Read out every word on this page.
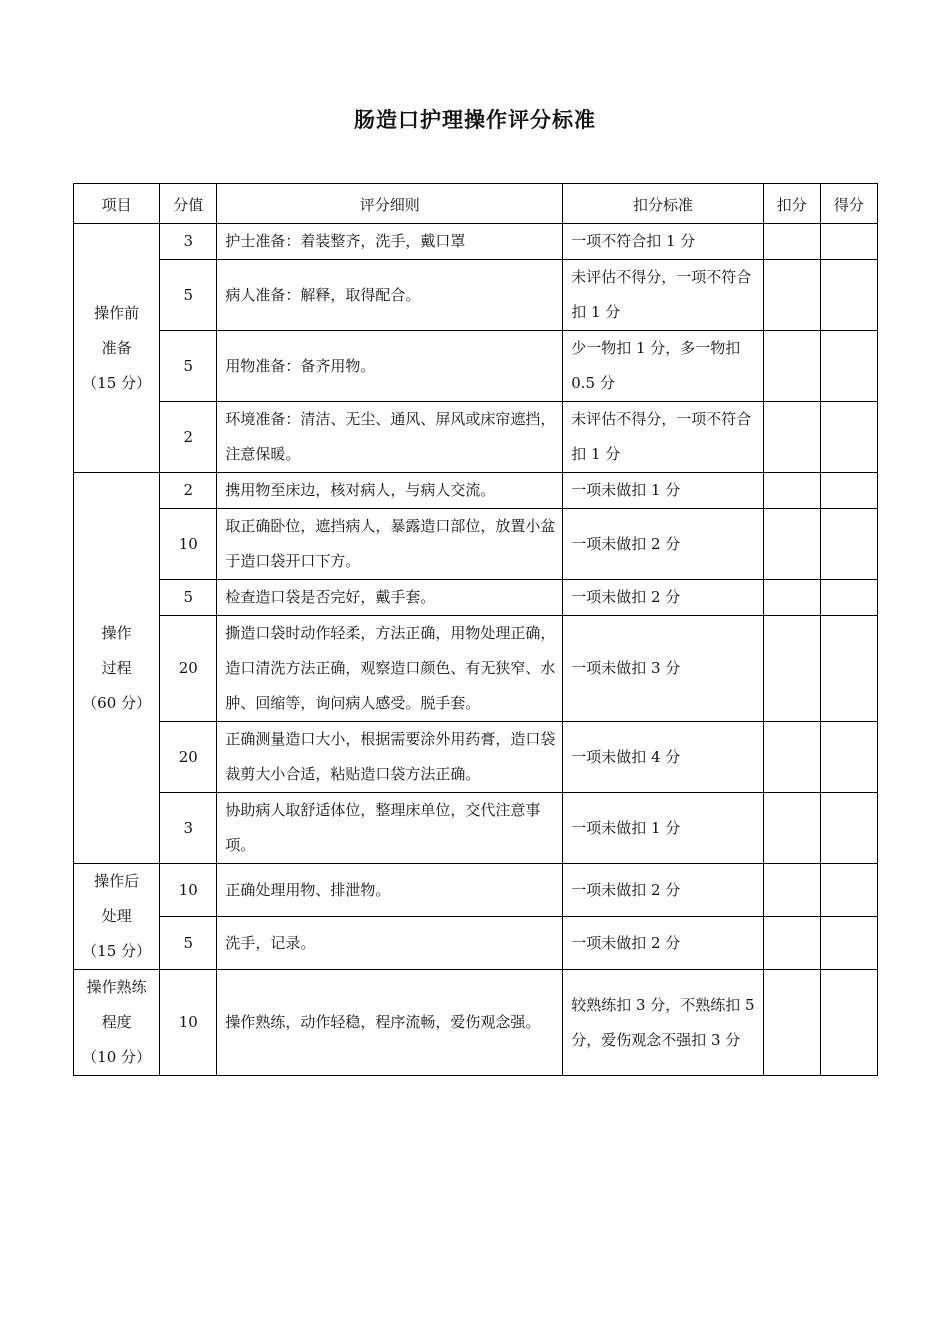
肠造口护理操作评分标准
项目	分值	评分细则	扣分标准	扣分	得分

操作前
准备
（15 分）	3	护士准备：着装整齐，洗手，戴口罩	一项不符合扣 1 分		
	5	病人准备：解释，取得配合。	未评估不得分，一项不符合扣 1 分		
	5	用物准备：备齐用物。	少一物扣 1 分，多一物扣 0.5 分		
	2	环境准备：清洁、无尘、通风、屏风或床帘遮挡，注意保暖。	未评估不得分，一项不符合扣 1 分		

操作
过程
（60 分）	2	携用物至床边，核对病人，与病人交流。	一项未做扣 1 分		
	10	取正确卧位，遮挡病人，暴露造口部位，放置小盆于造口袋开口下方。	一项未做扣 2 分		
	5	检查造口袋是否完好，戴手套。	一项未做扣 2 分		
	20	撕造口袋时动作轻柔，方法正确，用物处理正确，造口清洗方法正确，观察造口颜色、有无狭窄、水肿、回缩等，询问病人感受。脱手套。	一项未做扣 3 分		
	20	正确测量造口大小，根据需要涂外用药膏，造口袋裁剪大小合适，粘贴造口袋方法正确。	一项未做扣 4 分		
	3	协助病人取舒适体位，整理床单位，交代注意事项。	一项未做扣 1 分		

操作后
处理
（15 分）	10	正确处理用物、排泄物。	一项未做扣 2 分		
	5	洗手，记录。	一项未做扣 2 分		

操作熟练
程度
（10 分）	10	操作熟练，动作轻稳，程序流畅，爱伤观念强。	较熟练扣 3 分，不熟练扣 5 分，爱伤观念不强扣 3 分		
